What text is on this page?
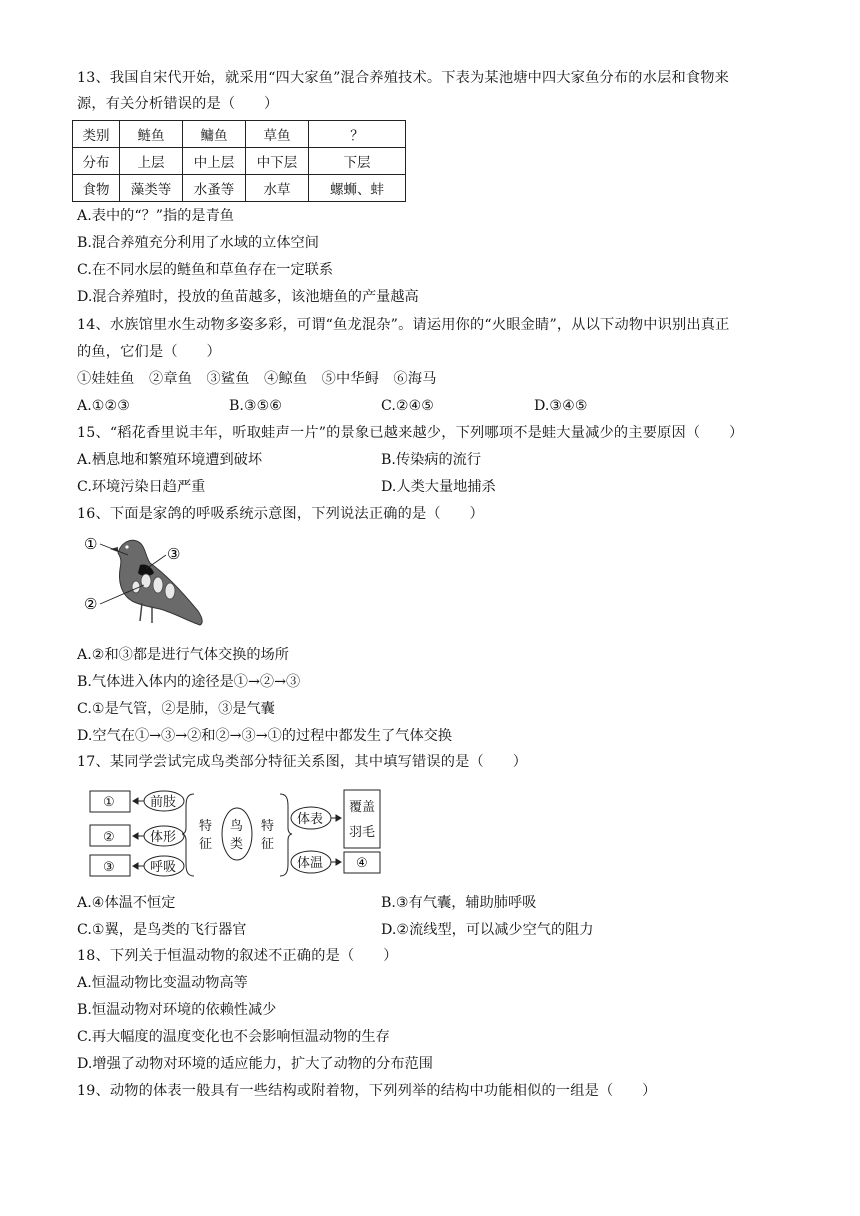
13、我国自宋代开始，就采用“四大家鱼”混合养殖技术。下表为某池塘中四大家鱼分布的水层和食物来
源，有关分析错误的是（　　）
类别	鲢鱼	鳙鱼	草鱼	？
分布	上层	中上层	中下层	下层
食物	藻类等	水蚤等	水草	螺蛳、蚌
A.表中的“？”指的是青鱼
B.混合养殖充分利用了水域的立体空间
C.在不同水层的鲢鱼和草鱼存在一定联系
D.混合养殖时，投放的鱼苗越多，该池塘鱼的产量越高
14、水族馆里水生动物多姿多彩，可谓“鱼龙混杂”。请运用你的“火眼金睛”，从以下动物中识别出真正
的鱼，它们是（　　）
①娃娃鱼　②章鱼　③鲨鱼　④鲸鱼　⑤中华鲟　⑥海马
A.①②③	B.③⑤⑥	C.②④⑤	D.③④⑤
15、“稻花香里说丰年，听取蛙声一片”的景象已越来越少，下列哪项不是蛙大量减少的主要原因（　　）
A.栖息地和繁殖环境遭到破坏	B.传染病的流行
C.环境污染日趋严重	D.人类大量地捕杀
16、下面是家鸽的呼吸系统示意图，下列说法正确的是（　　）
①
②
③
A.②和③都是进行气体交换的场所
B.气体进入体内的途径是①→②→③
C.①是气管，②是肺，③是气囊
D.空气在①→③→②和②→③→①的过程中都发生了气体交换
17、某同学尝试完成鸟类部分特征关系图，其中填写错误的是（　　）
①
②
③
前肢
体形
呼吸
特
征
鸟
类
特
征
体表
体温
覆盖
羽毛
④
A.④体温不恒定	B.③有气囊，辅助肺呼吸
C.①翼，是鸟类的飞行器官	D.②流线型，可以减少空气的阻力
18、下列关于恒温动物的叙述不正确的是（　　）
A.恒温动物比变温动物高等
B.恒温动物对环境的依赖性减少
C.再大幅度的温度变化也不会影响恒温动物的生存
D.增强了动物对环境的适应能力，扩大了动物的分布范围
19、动物的体表一般具有一些结构或附着物，下列列举的结构中功能相似的一组是（　　）
